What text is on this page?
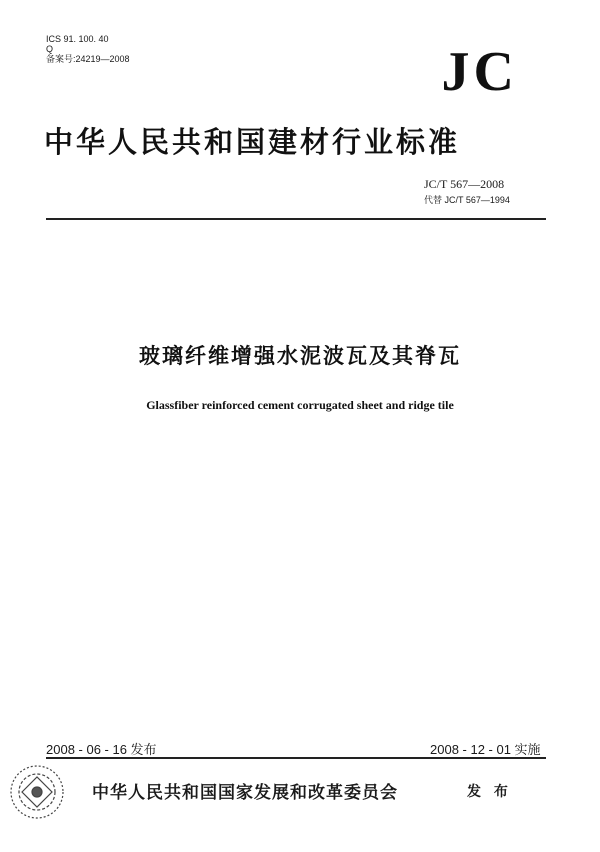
ICS 91. 100. 40
Q
备案号:24219—2008	JC
中华人民共和国建材行业标准
JC/T 567—2008
代替 JC/T 567—1994
玻璃纤维增强水泥波瓦及其脊瓦
Glassfiber reinforced cement corrugated sheet and ridge tile
2008 - 06 - 16 发布	2008 - 12 - 01 实施
中华人民共和国国家发展和改革委员会	发 布
